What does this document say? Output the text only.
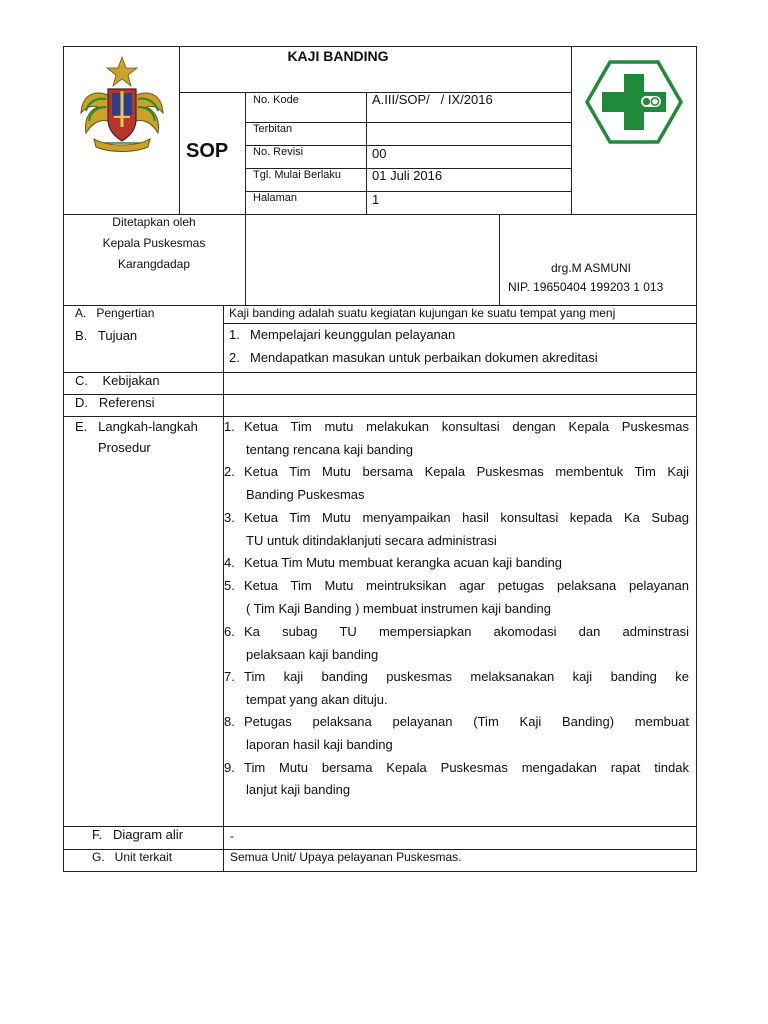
KAJI BANDING
SOP
No. Kode	A.III/SOP/   / IX/2016
Terbitan
No. Revisi	00
Tgl. Mulai Berlaku 01 Juli 2016
Halaman	1
Ditetapkan oleh
Kepala Puskesmas
Karangdadap	drg.M ASMUNI
NIP. 19650404 199203 1 013
A.   Pengertian	Kaji banding adalah suatu kegiatan kujungan ke suatu tempat yang menj
B.   Tujuan	1. Mempelajari keunggulan pelayanan
2. Mendapatkan masukan untuk perbaikan dokumen akreditasi
C.    Kebijakan
D.   Referensi
E.   Langkah-langkah
Prosedur
1. Ketua Tim mutu melakukan konsultasi dengan Kepala Puskesmas
tentang rencana kaji banding
2. Ketua Tim Mutu bersama Kepala Puskesmas membentuk Tim Kaji
Banding Puskesmas
3. Ketua Tim Mutu menyampaikan hasil konsultasi kepada Ka Subag
TU untuk ditindaklanjuti secara administrasi
4. Ketua Tim Mutu membuat kerangka acuan kaji banding
5. Ketua Tim Mutu meintruksikan agar petugas pelaksana pelayanan
( Tim Kaji Banding ) membuat instrumen kaji banding
6. Ka subag TU mempersiapkan akomodasi dan adminstrasi
pelaksaan kaji banding
7. Tim kaji banding puskesmas melaksanakan kaji banding ke
tempat yang akan dituju.
8. Petugas pelaksana pelayanan (Tim Kaji Banding) membuat
laporan hasil kaji banding
9. Tim Mutu bersama Kepala Puskesmas mengadakan rapat tindak
lanjut kaji banding
F.   Diagram alir	-
G.   Unit terkait	Semua Unit/ Upaya pelayanan Puskesmas.
